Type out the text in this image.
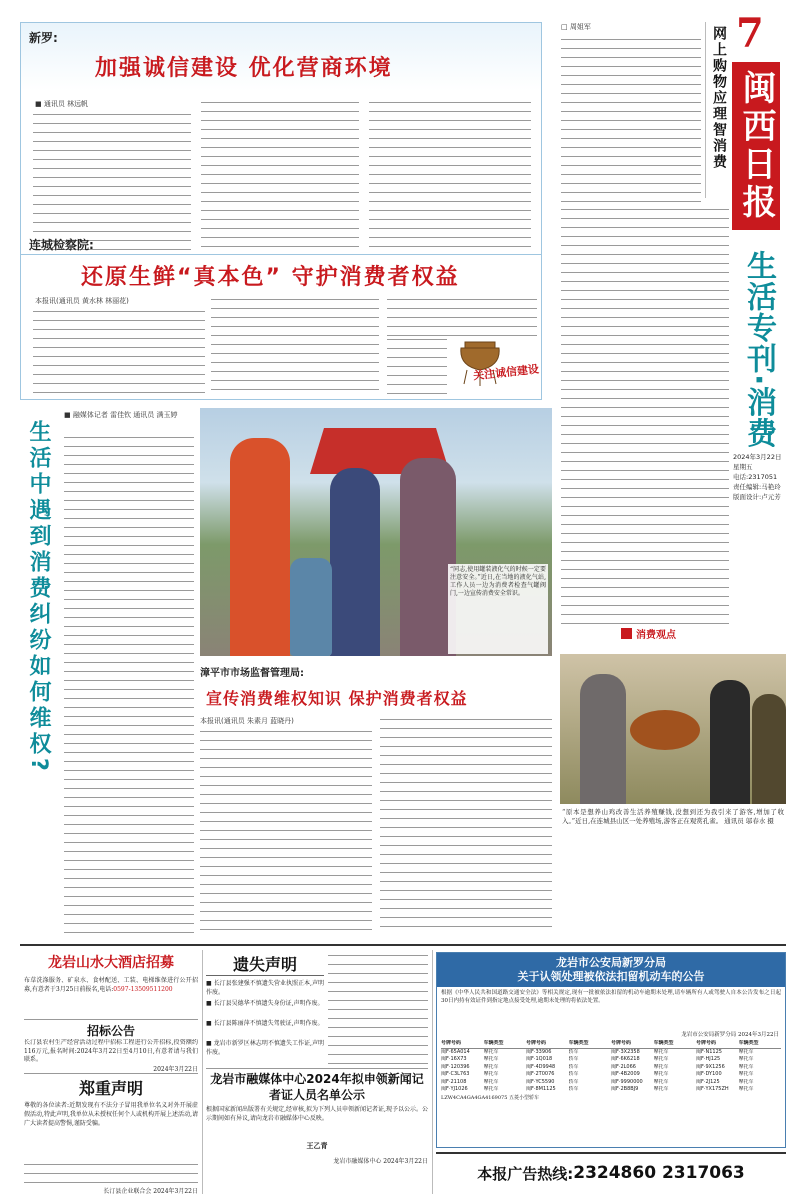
7
闽西日报
生活专刊·消费
2024年3月22日
星期五
电话:2317051
责任编辑:马艳玲
版面设计:卢元芳
新罗:
加强诚信建设 优化营商环境
■ 通讯员 林远帆
连城检察院:
还原生鲜“真本色” 守护消费者权益
本报讯(通讯员 黄水林 林丽花)
关注诚信建设
□ 周姐军	网上购物应理智消费
消费观点
生活中遇到消费纠纷如何维权?
■ 融媒体记者 雷佳钦 通讯员 满玉婷
“同志,使用罐装液化气的时候一定要注意安全。”近日,在当地的液化气站,工作人员一边为消费者检查气罐阀门,一边宣传消费安全常识。
漳平市市场监督管理局:
宣传消费维权知识 保护消费者权益
本报讯(通讯员 朱素月 蓝晓丹)
“原本是想养山鸡改善生活养殖赚钱,没想到还为我引来了游客,增加了收入。”近日,在连城县山区一处养殖场,游客正在观赏孔雀。 通讯员 邬春水 摄
龙岩山水大酒店招募
布草洗涤服务、矿泉水、食材配送、工装、电梯维保进行公开招募,有意者于3月25日前报名,电话:0597-13509511200
招标公告
长汀县农村生产经营活动过程中招标工程进行公开招标,投资额约116万元,报名时间:2024年3月22日至4月10日,有意者请与我们联系。
2024年3月22日
郑重声明
尊敬的各位读者:近期发现有不法分子冒用我单位名义对外开展虚假活动,特此声明,我单位从未授权任何个人或机构开展上述活动,请广大读者提高警惕,谨防受骗。
长汀县企业联合会 2024年3月22日
遗失声明
■ 长汀县张建强不慎遗失营业执照正本,声明作废。
■ 长汀县吴德华不慎遗失身份证,声明作废。
■ 长汀县陈丽萍不慎遗失驾驶证,声明作废。
■ 龙岩市新罗区林志明不慎遗失工作证,声明作废。
龙岩市融媒体中心2024年拟申领新闻记者证人员名单公示
根据国家新闻出版署有关规定,经审核,拟为下列人员申领新闻记者证,现予以公示。公示期间如有异议,请向龙岩市融媒体中心反映。
王乙青
龙岩市融媒体中心 2024年3月22日
龙岩市公安局新罗分局
关于认领处理被依法扣留机动车的公告
根据《中华人民共和国道路交通安全法》等相关规定,现有一批被依法扣留的机动车逾期未处理,请车辆所有人或驾驶人自本公告发布之日起30日内持有效证件到指定地点接受处理,逾期未处理的将依法处置。
龙岩市公安局新罗分局 2024年3月22日
号牌号码	车辆类型	号牌号码	车辆类型	号牌号码	车辆类型	号牌号码	车辆类型
闽F·65A014	摩托车	闽F·33906	轿车	闽F·3X2358	摩托车	闽F·N1125	摩托车
闽F·16X73	摩托车	闽F·1Q018	轿车	闽F·6K6218	摩托车	闽F·HJ125	摩托车
闽F·120396	摩托车	闽F·4D9948	轿车	闽F·2L066	摩托车	闽F·9X1256	摩托车
闽F·C3L763	摩托车	闽F·2T0076	轿车	闽F·4B2009	摩托车	闽F·DY100	摩托车
闽F·21108	摩托车	闽F·YC5590	轿车	闽F·9990000	摩托车	闽F·2J125	摩托车
闽F·YJ1026	摩托车	闽F·8M1125	轿车	闽F·2B8BJ9	摩托车	闽F·YX175ZH	摩托车
LZW4CA4GA4GA4169075 五菱小型轿车
本报广告热线: 2324860 2317063
